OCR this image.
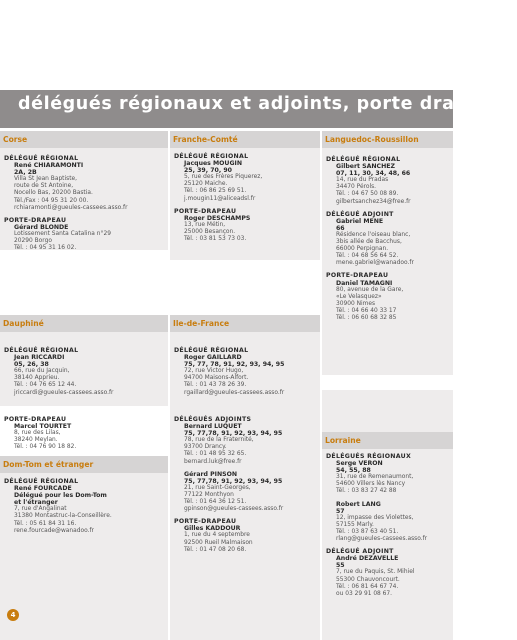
délégués régionaux et adjoints, porte drapeaux
Corse
DÉLÉGUÉ RÉGIONAL
René CHIARAMONTI
2A, 2B
Villa St Jean Baptiste,
route de St Antoine,
Nocello Bas, 20200 Bastia.
Tél./Fax : 04 95 31 20 00.
rchiaramonti@gueules-cassees.asso.fr
PORTE-DRAPEAU
Gérard BLONDE
Lotissement Santa Catalina n°29
20290 Borgo
Tél. : 04 95 31 16 02.
Dauphiné
DÉLÉGUÉ RÉGIONAL
Jean RICCARDI
05, 26, 38
66, rue du Jacquin,
38140 Apprieu.
Tél. : 04 76 65 12 44.
jriccardi@gueules-cassees.asso.fr
PORTE-DRAPEAU
Marcel TOURTET
8, rue des Lilas,
38240 Meylan.
Tél. : 04 76 90 18 82.
Dom-Tom et étranger
DÉLÉGUÉ RÉGIONAL
René FOURCADE
Délégué pour les Dom-Tom
et l'étranger
7, rue d'Angalinat
31380 Montastruc-la-Conseillère.
Tél. : 05 61 84 31 16.
rene.fourcade@wanadoo.fr
Franche-Comté
DÉLÉGUÉ RÉGIONAL
Jacques MOUGIN
25, 39, 70, 90
5, rue des Frères Piquerez,
25120 Maiche.
Tél. : 06 86 25 69 51.
j.mougin11@aliceadsl.fr
PORTE-DRAPEAU
Roger DESCHAMPS
13, rue Métin,
25000 Besançon.
Tél. : 03 81 53 73 03.
Ile-de-France
DÉLÉGUÉ RÉGIONAL
Roger GAILLARD
75, 77, 78, 91, 92, 93, 94, 95
72, rue Victor Hugo,
94700 Maisons-Alfort.
Tél. : 01 43 78 26 39.
rgaillard@gueules-cassees.asso.fr
DÉLÉGUÉS ADJOINTS
Bernard LUQUET
75, 77,78, 91, 92, 93, 94, 95
78, rue de la Fraternité,
93700 Drancy.
Tél. : 01 48 95 32 65.
bernard.luk@free.fr
Gérard PINSON
75, 77,78, 91, 92, 93, 94, 95
21, rue Saint-Georges,
77122 Monthyon
Tél. : 01 64 36 12 51.
gpinson@gueules-cassees.asso.fr
PORTE-DRAPEAU
Gilles KADDOUR
1, rue du 4 septembre
92500 Rueil Malmaison
Tél. : 01 47 08 20 68.
Languedoc-Roussillon
DÉLÉGUÉ RÉGIONAL
Gilbert SANCHEZ
07, 11, 30, 34, 48, 66
14, rue du Pradas
34470 Pérols.
Tél. : 04 67 50 08 89.
gilbertsanchez34@free.fr
DÉLÉGUÉ ADJOINT
Gabriel MENE
66
Résidence l'oiseau blanc,
3bis allée de Bacchus,
66000 Perpignan.
Tél. : 04 68 56 64 52.
mene.gabriel@wanadoo.fr
PORTE-DRAPEAU
Daniel TAMAGNI
80, avenue de la Gare,
«Le Velasquez»
30900 Nimes
Tél. : 04 66 40 33 17
Tél. : 06 60 68 32 85
Lorraine
DÉLÉGUÉS RÉGIONAUX
Serge VERON
54, 55, 88
31, rue de Remenaumont,
54600 Villers lès Nancy
Tél. : 03 83 27 42 88
Robert LANG
57
12, impasse des Violettes,
57155 Marly.
Tél. : 03 87 63 40 51.
rlang@gueules-cassees.asso.fr
DÉLÉGUÉ ADJOINT
André DEZAVELLE
55
7, rue du Paquis, St. Mihiel
55300 Chauvoncourt.
Tél. : 06 81 64 67 74.
ou 03 29 91 08 67.
4
